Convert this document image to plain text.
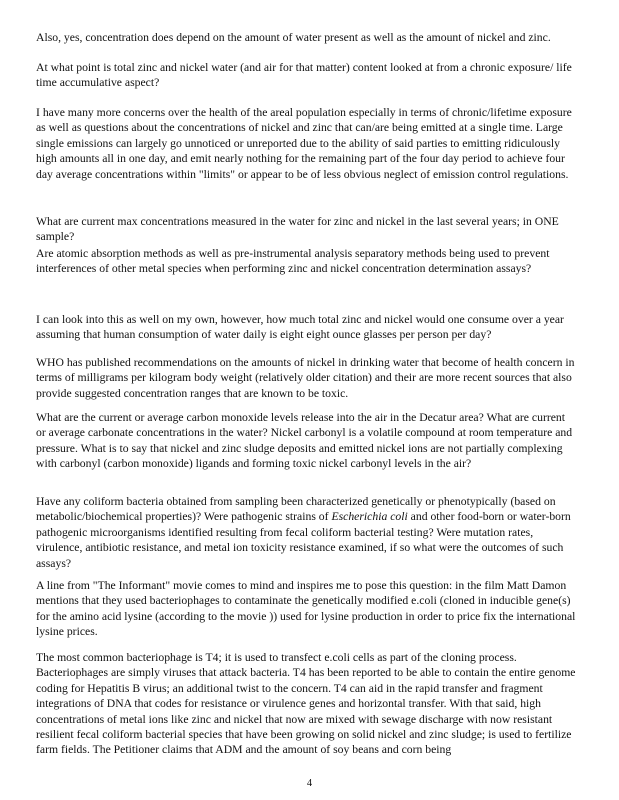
Also, yes, concentration does depend on the amount of water present as well as the amount of nickel and zinc.

At what point is total zinc and nickel water (and air for that matter) content looked at from a chronic exposure/ life time accumulative aspect?

I have many more concerns over the health of the areal population especially in terms of chronic/lifetime exposure as well as questions about the concentrations of nickel and zinc that can/are being emitted at a single time. Large single emissions can largely go unnoticed or unreported due to the ability of said parties to emitting ridiculously high amounts all in one day, and emit nearly nothing for the remaining part of the four day period to achieve four day average concentrations within "limits" or appear to be of less obvious neglect of emission control regulations.

What are current max concentrations measured in the water for zinc and nickel in the last several years; in ONE sample?

Are atomic absorption methods as well as pre-instrumental analysis separatory methods being used to prevent interferences of other metal species when performing zinc and nickel concentration determination assays?

I can look into this as well on my own, however, how much total zinc and nickel would one consume over a year assuming that human consumption of water daily is eight eight ounce glasses per person per day?

WHO has published recommendations on the amounts of nickel in drinking water that become of health concern in terms of milligrams per kilogram body weight (relatively older citation) and their are more recent sources that also provide suggested concentration ranges that are known to be toxic.

What are the current or average carbon monoxide levels release into the air in the Decatur area? What are current or average carbonate concentrations in the water? Nickel carbonyl is a volatile compound at room temperature and pressure. What is to say that nickel and zinc sludge deposits and emitted nickel ions are not partially complexing with carbonyl (carbon monoxide) ligands and forming toxic nickel carbonyl levels in the air?

Have any coliform bacteria obtained from sampling been characterized genetically or phenotypically (based on metabolic/biochemical properties)? Were pathogenic strains of Escherichia coli and other food-born or water-born pathogenic microorganisms identified resulting from fecal coliform bacterial testing? Were mutation rates, virulence, antibiotic resistance, and metal ion toxicity resistance examined, if so what were the outcomes of such assays?

A line from "The Informant" movie comes to mind and inspires me to pose this question: in the film Matt Damon mentions that they used bacteriophages to contaminate the genetically modified e.coli (cloned in inducible gene(s) for the amino acid lysine (according to the movie )) used for lysine production in order to price fix the international lysine prices.

The most common bacteriophage is T4; it is used to transfect e.coli cells as part of the cloning process. Bacteriophages are simply viruses that attack bacteria. T4 has been reported to be able to contain the entire genome coding for Hepatitis B virus; an additional twist to the concern. T4 can aid in the rapid transfer and fragment integrations of DNA that codes for resistance or virulence genes and horizontal transfer. With that said, high concentrations of metal ions like zinc and nickel that now are mixed with sewage discharge with now resistant resilient fecal coliform bacterial species that have been growing on solid nickel and zinc sludge; is used to fertilize farm fields. The Petitioner claims that ADM and the amount of soy beans and corn being

4
